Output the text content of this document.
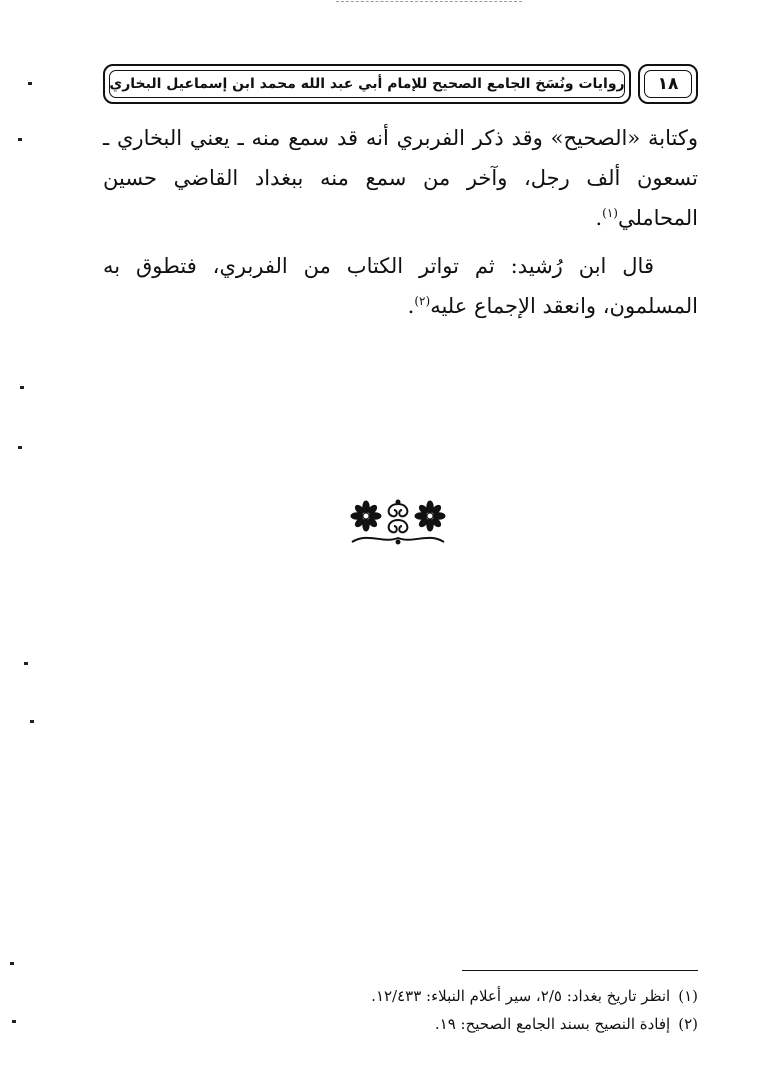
روايات ونُسَخ الجامع الصحيح للإمام أبي عبد الله محمد ابن إسماعيل البخاري	١٨

وكتابة «الصحيح» وقد ذكر الفربري أنه قد سمع منه ـ يعني البخاري ـ تسعون ألف رجل، وآخر من سمع منه ببغداد القاضي حسين المحاملي$^{(١)}$.

قال ابن رُشيد: ثم تواتر الكتاب من الفربري، فتطوق به المسلمون، وانعقد الإجماع عليه$^{(٢)}$.

(١)انظر تاريخ بغداد: ٢/٥، سير أعلام النبلاء: ١٢/٤٣٣.
(٢)إفادة النصيح بسند الجامع الصحيح: ١٩.
